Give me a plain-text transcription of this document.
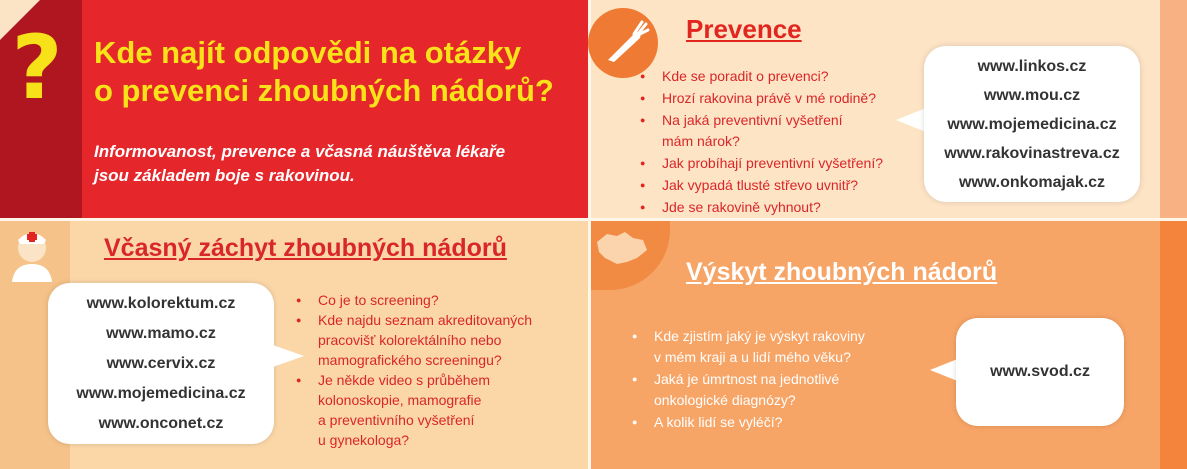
? Kde najít odpovědi na otázky
o prevenci zhoubných nádorů?
Informovanost, prevence a včasná náuštěva lékaře
jsou základem boje s rakovinou.
Prevence
● Kde se poradit o prevenci?
● Hrozí rakovina právě v mé rodině?
● Na jaká preventivní vyšetření
mám nárok?
● Jak probíhají preventivní vyšetření?
● Jak vypadá tlusté střevo uvnitř?
● Jde se rakovině vyhnout?
www.linkos.cz
www.mou.cz
www.mojemedicina.cz
www.rakovinastreva.cz
www.onkomajak.cz
Včasný záchyt zhoubných nádorů
www.kolorektum.cz
www.mamo.cz
www.cervix.cz
www.mojemedicina.cz
www.onconet.cz
● Co je to screening?
● Kde najdu seznam akreditovaných
pracovišť kolorektálního nebo
mamografického screeningu?
● Je někde video s průběhem
kolonoskopie, mamografie
a preventivního vyšetření
u gynekologa?
Výskyt zhoubných nádorů
● Kde zjistím jaký je výskyt rakoviny
v mém kraji a u lidí mého věku?
● Jaká je úmrtnost na jednotlivé
onkologické diagnózy?
● A kolik lidí se vyléčí?
www.svod.cz
